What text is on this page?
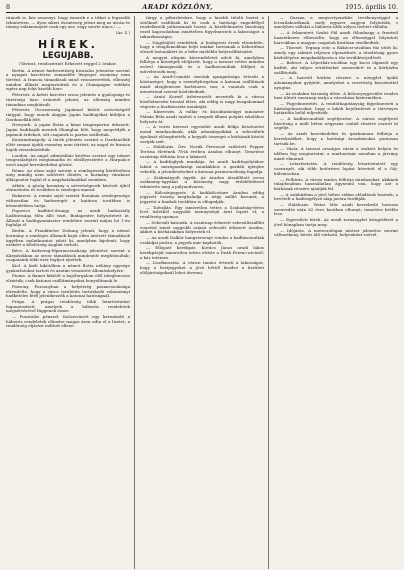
8	ARADI KÖZLÖNY,	1915. április 10.

rünnek is, köz asszonyt, hogy ismerik e a titkot a legszebb tekintetten, — ilyen sikeri őszinteség jelent meg az utcán és tömeg valamennyiét csak egy asz, vagy szerte nincs ! —

(Ar. Z.)

HÍREK.
LEGUJABB.
(Távirat, rendszerint) Érkezett reggel 2 órakor.

Berlin. A német hadvezetőség hivatalos jelentése szerint a nyugati harctéren semmiféle lényeges esemény nem történt. A francia támadások mind visszaverettek, ellenség minden állását megtartottuk és a Champagne vidékén egész nap folyt kisebb harc.

Pétervár. A keleti harctéri orosz jelentés a gyalogsági és tüzérségi harc szünetét jelenti; az ellenség minden támadása meghiúsult.

Pétervár. Oroszország Japánnal kötött szövetségről tárgyal, hogy ennek alapján Japán hadihajókat küldjön a Dardanellák felé.

Newyork. A japán flotta a kínai tengerpartra érkezett. Japán hadihajók mentek Shanghai felé, hogy megvédjék a japánok érdekeit, sőt csapatok is partra szállottak.

Konstantinápoly. A török jelentés szerint a Dardanellák előtt semmi újabb esemény nem történt; az angol és francia hajók visszahúzódtak.

London. Az angol admiralitás közlése szerint egy német tengeralattjáró megtámadta és elsüllyesztette a Harpalice nevű angol kereskedelmi gőzöst.

Róma. Az olasz sajtó szerint a semlegesség kérdésében még mindig nem született döntés; a kormány várakozó álláspontot foglal el a nagyhatalmakkal szemben.

Athén. A görög kormány a szövetségesek kérését újból elutasította és továbbra is semleges marad.

Bukarest. A román sajtó szerint Románia semlegessége változatlan és hadseregét a határon továbbra is készenlétben tartja.

Popovics hadbíró-őrnagy, az aradi hadosztály hadbírósága élén álló tiszt, Budapestre helyeztetett át. Állását a hadügyminiszter rendelete szerint május hó 1-én foglalja el.

Berlin. A Frankfurter Zeitung jelenti, hogy a német kormány a semleges államok hajói ellen intézett támadások ügyében nyilatkozatot adott ki, amelyben kijelenti, hogy ezekért a felelősség Angliát terheli.

Bécs. A hadsereg-főparancsnokság jelentése szerint a Kárpátokban az orosz támadások mindenütt meghiúsultak; csapataink több ezer foglyot ejtettek.

Kiel. A kieli kikötőben a német flotta néhány egysége gyakorlatokat tartott és azután visszatért állomáshelyére.

Fiume. A fiumei kikötőt a hajóforgalom elől ideiglenesen elzárták; csak katonai szállítmányokat bonyolítanak le.

Pozsony. Pozsonyban a helyőrség parancsnoksága elrendelte, hogy a város területén tartózkodó valamennyi hadköteles férfi jelentkezzék a katonai hatóságnál.

Prága. A prágai rendőrség több letartóztatást foganatosított, amelyek a háborús rendeletek megsértésével függenek össze.

— Pusztulás pénzzel. Kolozsvárott egy kereskedő a háborús rendeletek ellenére magas áron adta el a lisztet; a rendőrség eljárást indított ellene.

tárgy a péküzletekre, hogy a kisebb tételű lisztet a sütőknél szállítsák ki és csak a hatósági engedéllyel rendelkezők juthassanak hozzá. A közélelmezési bizottság ezzel kapcsolatban ismételten figyelmezteti a lakosságot a takarékosságra.

— Nagyböjtöt rendeltek. A budapesti érsek elrendelte, hogy a templomokban böjti imákat tartsanak a háborúban elesett katonákért és a béke mielőbbi helyreállításáért.

A megyei alispán körrendeletet adott ki, amelyben felhívja a községek elöljáróit, hogy a tavaszi vetést minden erővel támogassák és a hadbavonultak földjeit is műveltessék meg.

— Az Arad-Csanádi vasutak igazgatósága értesíti a közönséget, hogy a személyforgalom a katonai szállítások miatt ideiglenesen korlátozva van; a vonatok csak a menetrend szerint közlekednek.

— Arató Kornél üzletvezetőt nevezték ki a városi közélelmezési hivatal élére, aki eddig is nagy buzgalommal végezte a lisztkiosztás munkáját.

— Kinevezés. A vallás- és közoktatásügyi miniszter Fábián Béla aradi tanítót a szegedi állami polgári iskolához helyezte át.

— A vörös kereszt egyesület aradi fiókja köszönetet mond mindazoknak, akik adományaikkal a sebesültek ápolását elősegítették; a begyült összeget a kórházak között osztják szét.

— Halálozás. Özv. Novák Ferencné született Popper Terézia életének 78-ik évében Aradon elhunyt. Temetése vasárnap délután lesz a lakásról.

— A hadifoglyok munkája. Az aradi hadifogolytábor lakóit a mezőgazdasági munkákhoz a gazdák igénybe vehetik; a jelentkezéseket a katonai parancsnokság fogadja.

— Zsákmányolt ágyúk. Az Aradon átszállított orosz zsákmány-ágyúkat a közönség nagy érdeklődéssel tekintette meg a pályaudvaron.

— Kölcsönjegyzés. A hadikölcsönre Aradon eddig jegyzett összeg meghaladja a négy millió koronát; a jegyzést a bankok továbbra is elfogadják.

— Tolvajlás. Egy ismeretlen tettes a Szabadság-téren levő üzletből nagyobb mennyiségű árut lopott el; a rendőrség nyomoz.

— Sebesült katonák. A vasárnap érkezett sebesültszállító vonattal ismét nagyobb számú sebesült érkezett Aradra, akiket a kórházakban helyeztek el.

— Az aradi Dalkör hangversenyt rendez a hadbavonultak családjai javára; a jegyek már kaphatók.

— Ellopott kerékpár. Kovács János aradi lakos kerékpárját ismeretlen tettes elvitte a Deák Ferenc-utcáról; a kár tetemes.

— Lisztkiosztás. A városi tanács értesíti a lakosságot, hogy a lisztjegyeket a jövő héttől kezdve a kerületi elöljáróságoknál lehet átvenni.

— Gurzan a megvertyenekbe tevékenységgel a lecsatlakozóknak, mely egyszer nagyon folytatták, s amelyben vállalat a háborús idők súlyos terheit vállalta.

— A felmentett Szabó Pál aradi főhadnagy a frontról hazaérkezve elbeszélte, hogy az ellenséggel folytatott harcokban a magyar csapatok kiválóan viselkedtek.

— Tűzeset. Tegnap este a Rákóczi-utcában tűz ütött ki, amely egy raktárt teljesen elpusztított; a tűzoltóság gyors közbelépése megakadályozta a tűz továbbterjedését.

— Baleset. A Lőporház-utcában egy kocsi elgázolt egy kisfiút, aki súlyos sérüléseket szenvedett és a kórházba szállították.

— A honvéd kórház részére a nőegylet újabb adományokat gyűjtött, amelyeket a vezetőség köszönettel nyugtáz.

— Az irodalmi társaság ülése. A kölcseyegyesület rendes havi ülését vasárnap tartja a városháza kistermében.

— Figyelmeztetés. A rendőrkapitányság figyelmezteti a háztulajdonosokat, hogy a lakók bejelentését a törvényes határidőn belül teljesítsék.

— A hadbavonultak segélyezése. A városi segélyező bizottság a múlt héten négyszáz család részére osztott ki segélyt.

— Az aradi kereskedelmi és iparkamara felhívja a kereskedőket, hogy a hatósági árszabásokat pontosan tartsák be.

— Vásár. A tavaszi országos vásár a szokott helyen és időben fog megtartatni; a marhavásár azonban a járvány miatt elmarad.

— Letartóztatás. A rendőrség letartóztatott egy csavargót, aki több betöréses lopást követett el a Gáj-külvárosban.

— Felhívás. A városi tanács felhívja mindazokat, akiknek tulajdonában használatlan ágynemű van, hogy azt a kórházak részére ajánlják fel.

— A színházban a jövő héten vidám előadások lesznek; a bevételt a hadisegélyző alap javára fordítják.

— Halálozás. Weisz Mór aradi kereskedő hosszas szenvedés után 62 éves korában elhunyt; temetése hétfőn lesz.

— Egyesületi hírek. Az aradi tornaegylet közgyűlését a jövő hónapban tartja meg.

— Időjárás. A meteorológiai intézet jelentése szerint változékony, hűvös idő várható, helyenként esővel.
